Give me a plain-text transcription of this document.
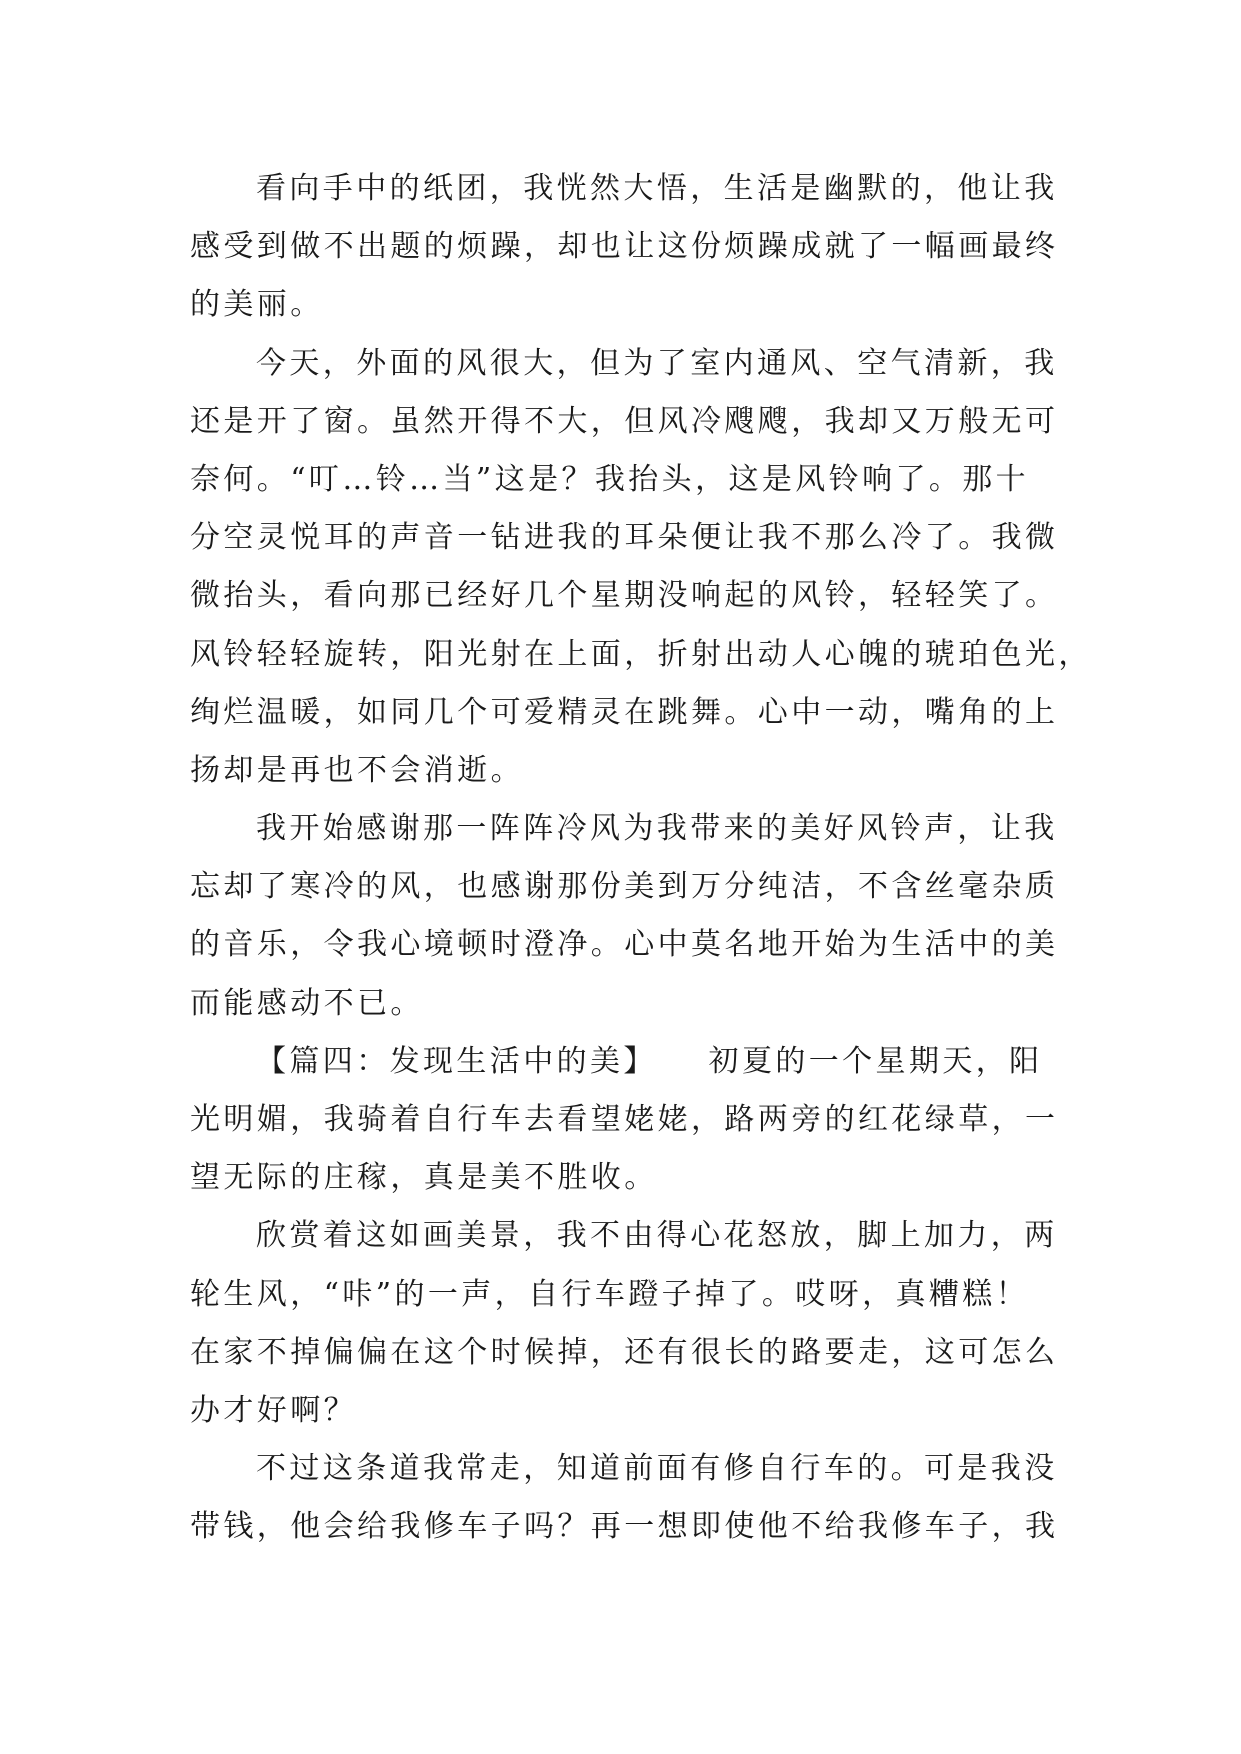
看向手中的纸团，我恍然大悟，生活是幽默的，他让我
感受到做不出题的烦躁，却也让这份烦躁成就了一幅画最终
的美丽。
今天，外面的风很大，但为了室内通风、空气清新，我
还是开了窗。虽然开得不大，但风冷飕飕，我却又万般无可
奈何。“叮…铃…当”这是？我抬头，这是风铃响了。那十
分空灵悦耳的声音一钻进我的耳朵便让我不那么冷了。我微
微抬头，看向那已经好几个星期没响起的风铃，轻轻笑了。
风铃轻轻旋转，阳光射在上面，折射出动人心魄的琥珀色光，
绚烂温暖，如同几个可爱精灵在跳舞。心中一动，嘴角的上
扬却是再也不会消逝。
我开始感谢那一阵阵冷风为我带来的美好风铃声，让我
忘却了寒冷的风，也感谢那份美到万分纯洁，不含丝毫杂质
的音乐，令我心境顿时澄净。心中莫名地开始为生活中的美
而能感动不已。
【篇四：发现生活中的美】    初夏的一个星期天，阳
光明媚，我骑着自行车去看望姥姥，路两旁的红花绿草，一
望无际的庄稼，真是美不胜收。
欣赏着这如画美景，我不由得心花怒放，脚上加力，两
轮生风，“咔”的一声，自行车蹬子掉了。哎呀，真糟糕！
在家不掉偏偏在这个时候掉，还有很长的路要走，这可怎么
办才好啊？
不过这条道我常走，知道前面有修自行车的。可是我没
带钱，他会给我修车子吗？再一想即使他不给我修车子，我
